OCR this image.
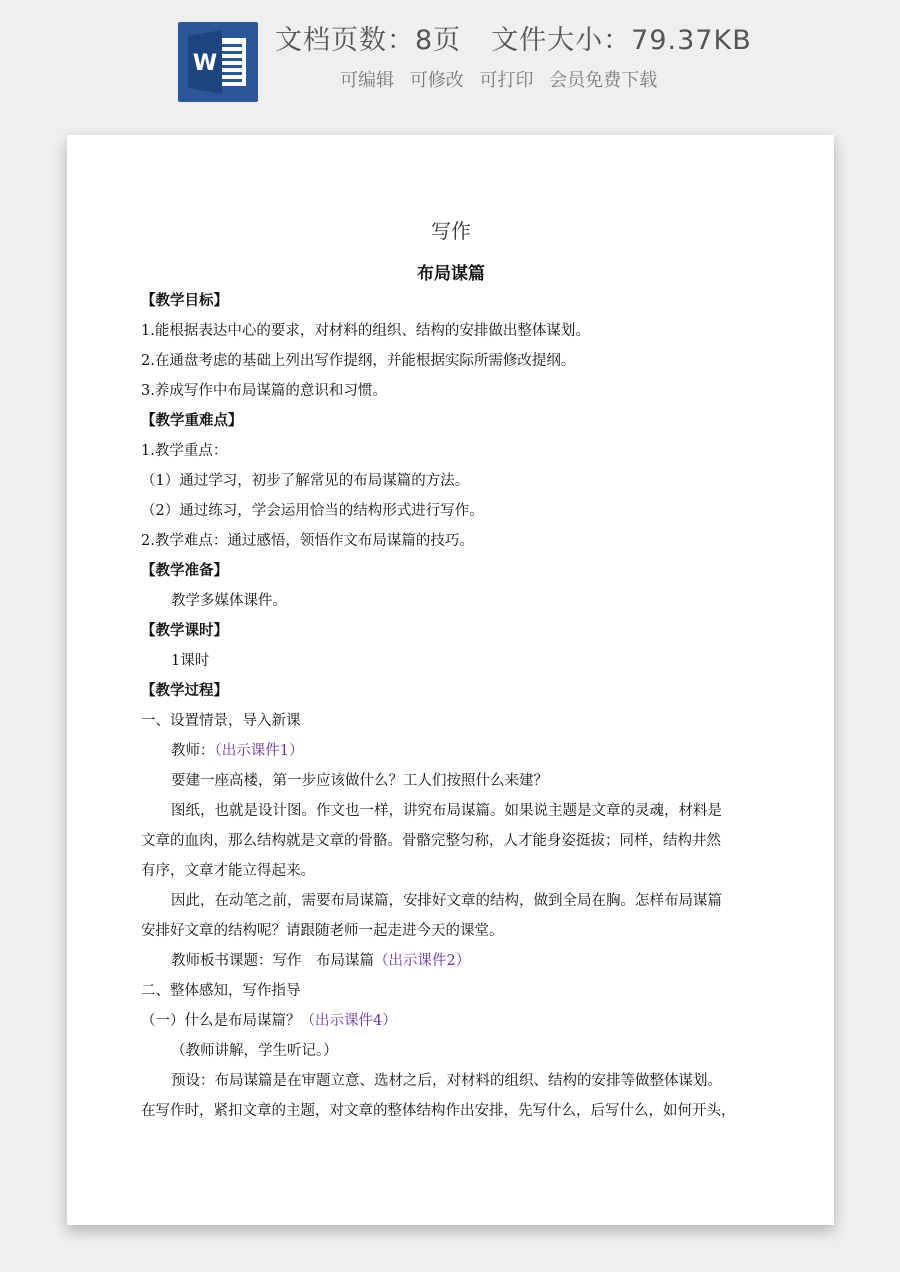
W
文档页数：8页 文件大小：79.37KB
可编辑 可修改 可打印 会员免费下载
写作
布局谋篇
【教学目标】
1.能根据表达中心的要求，对材料的组织、结构的安排做出整体谋划。
2.在通盘考虑的基础上列出写作提纲，并能根据实际所需修改提纲。
3.养成写作中布局谋篇的意识和习惯。
【教学重难点】
1.教学重点：
（1）通过学习，初步了解常见的布局谋篇的方法。
（2）通过练习，学会运用恰当的结构形式进行写作。
2.教学难点：通过感悟，领悟作文布局谋篇的技巧。
【教学准备】
教学多媒体课件。
【教学课时】
1课时
【教学过程】
一、设置情景，导入新课
教师：（出示课件1）
要建一座高楼，第一步应该做什么？工人们按照什么来建？
图纸，也就是设计图。作文也一样，讲究布局谋篇。如果说主题是文章的灵魂，材料是
文章的血肉，那么结构就是文章的骨骼。骨骼完整匀称，人才能身姿挺拔；同样，结构井然
有序，文章才能立得起来。
因此，在动笔之前，需要布局谋篇，安排好文章的结构，做到全局在胸。怎样布局谋篇
安排好文章的结构呢？请跟随老师一起走进今天的课堂。
教师板书课题：写作　布局谋篇（出示课件2）
二、整体感知，写作指导
（一）什么是布局谋篇？（出示课件4）
（教师讲解，学生听记。）
预设：布局谋篇是在审题立意、选材之后，对材料的组织、结构的安排等做整体谋划。
在写作时，紧扣文章的主题，对文章的整体结构作出安排，先写什么，后写什么，如何开头，
